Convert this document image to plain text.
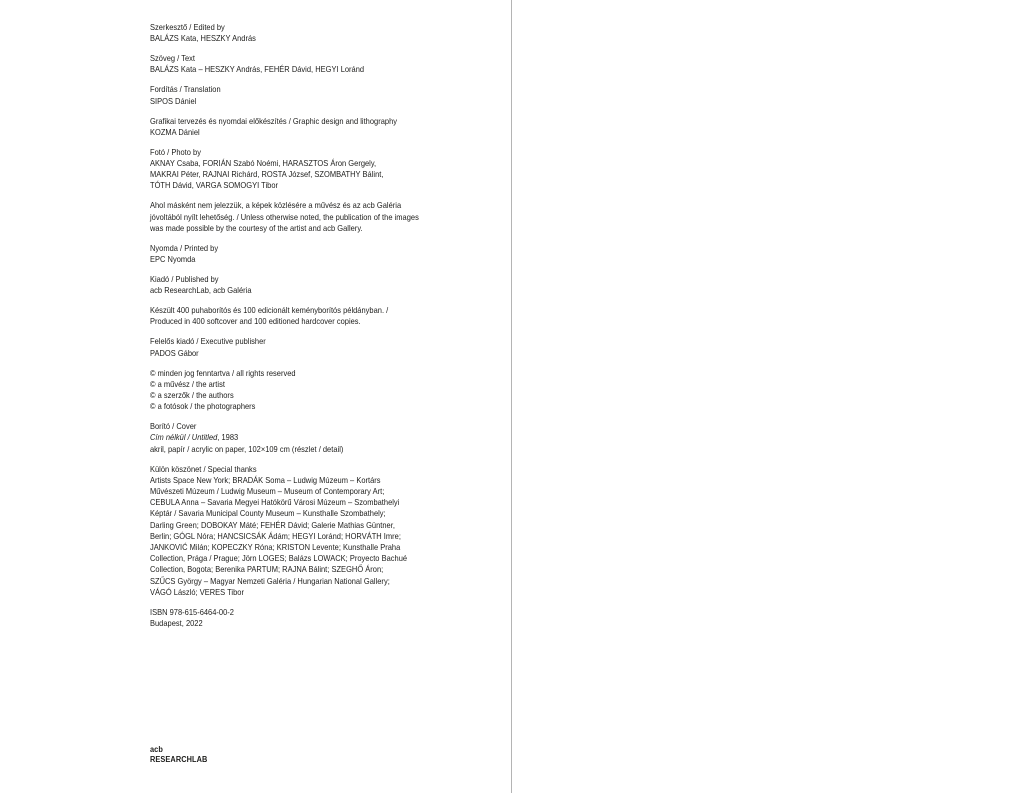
Szerkesztő / Edited by
BALÁZS Kata, HESZKY András

Szöveg / Text
BALÁZS Kata – HESZKY András, FEHÉR Dávid, HEGYI Loránd

Fordítás / Translation
SIPOS Dániel

Grafikai tervezés és nyomdai előkészítés / Graphic design and lithography
KOZMA Dániel

Fotó / Photo by
AKNAY Csaba, FORIÁN Szabó Noémi, HARASZTOS Áron Gergely,
MAKRAI Péter, RAJNAI Richárd, ROSTA József, SZOMBATHY Bálint,
TÓTH Dávid, VARGA SOMOGYI Tibor

Ahol másként nem jelezzük, a képek közlésére a művész és az acb Galéria
jóvoltából nyílt lehetőség. / Unless otherwise noted, the publication of the images
was made possible by the courtesy of the artist and acb Gallery.

Nyomda / Printed by
EPC Nyomda

Kiadó / Published by
acb ResearchLab, acb Galéria

Készült 400 puhaborítós és 100 edicionált keményborítós példányban. /
Produced in 400 softcover and 100 editioned hardcover copies.

Felelős kiadó / Executive publisher
PADOS Gábor

© minden jog fenntartva / all rights reserved
© a művész / the artist
© a szerzők / the authors
© a fotósok / the photographers

Borító / Cover
Cím nélkül / Untitled, 1983
akril, papír / acrylic on paper, 102×109 cm (részlet / detail)

Külön köszönet / Special thanks
Artists Space New York; BRADÁK Soma – Ludwig Múzeum – Kortárs
Művészeti Múzeum / Ludwig Museum – Museum of Contemporary Art;
CEBULA Anna – Savaria Megyei Hatókörű Városi Múzeum – Szombathelyi
Képtár / Savaria Municipal County Museum – Kunsthalle Szombathely;
Darling Green; DOBOKAY Máté; FEHÉR Dávid; Galerie Mathias Güntner,
Berlin; GÓGL Nóra; HANCSICSÁK Ádám; HEGYI Loránd; HORVÁTH Imre;
JANKOVIĆ Milán; KOPECZKY Róna; KRISTON Levente; Kunsthalle Praha
Collection, Prága / Prague; Jörn LOGES; Balázs LOWACK; Proyecto Bachué
Collection, Bogota; Berenika PARTUM; RAJNA Bálint; SZEGHŐ Áron;
SZŰCS György – Magyar Nemzeti Galéria / Hungarian National Gallery;
VÁGÓ László; VERES Tibor

ISBN 978-615-6464-00-2
Budapest, 2022

acb
RESEARCHLAB
